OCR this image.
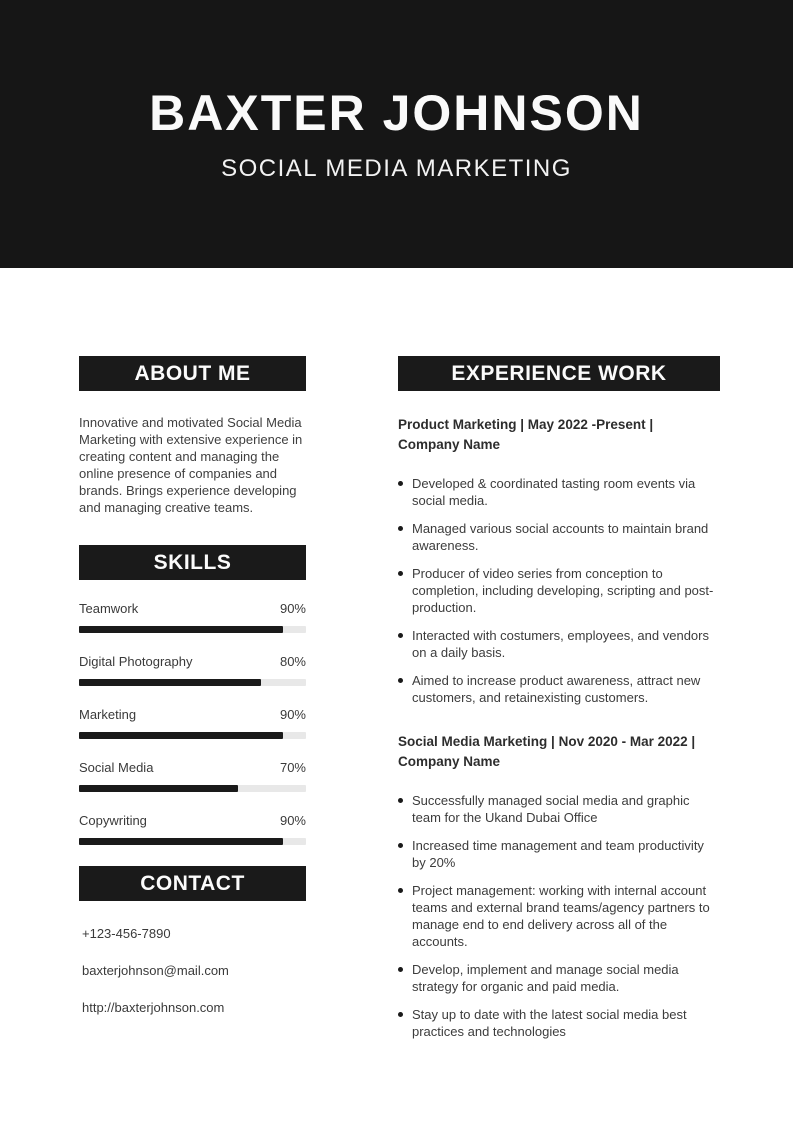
BAXTER JOHNSON
SOCIAL MEDIA MARKETING
ABOUT ME
Innovative and motivated Social Media Marketing with extensive experience in creating content and managing the online presence of companies and brands. Brings experience developing and managing creative teams.
SKILLS
Teamwork	90%
Digital Photography	80%
Marketing	90%
Social Media	70%
Copywriting	90%
CONTACT
+123-456-7890
baxterjohnson@mail.com
http://baxterjohnson.com
EXPERIENCE WORK
Product Marketing | May 2022 -Present |
Company Name
Developed & coordinated tasting room events via social media.
Managed various social accounts to maintain brand awareness.
Producer of video series from conception to completion, including developing, scripting and post-production.
Interacted with costumers, employees, and vendors on a daily basis.
Aimed to increase product awareness, attract new customers, and retainexisting customers.
Social Media Marketing | Nov 2020 - Mar 2022 |
Company Name
Successfully managed social media and graphic team for the Ukand Dubai Office
Increased time management and team productivity by 20%
Project management: working with internal account teams and external brand teams/agency partners to manage end to end delivery across all of the accounts.
Develop, implement and manage social media strategy for organic and paid media.
Stay up to date with the latest social media best practices and technologies
